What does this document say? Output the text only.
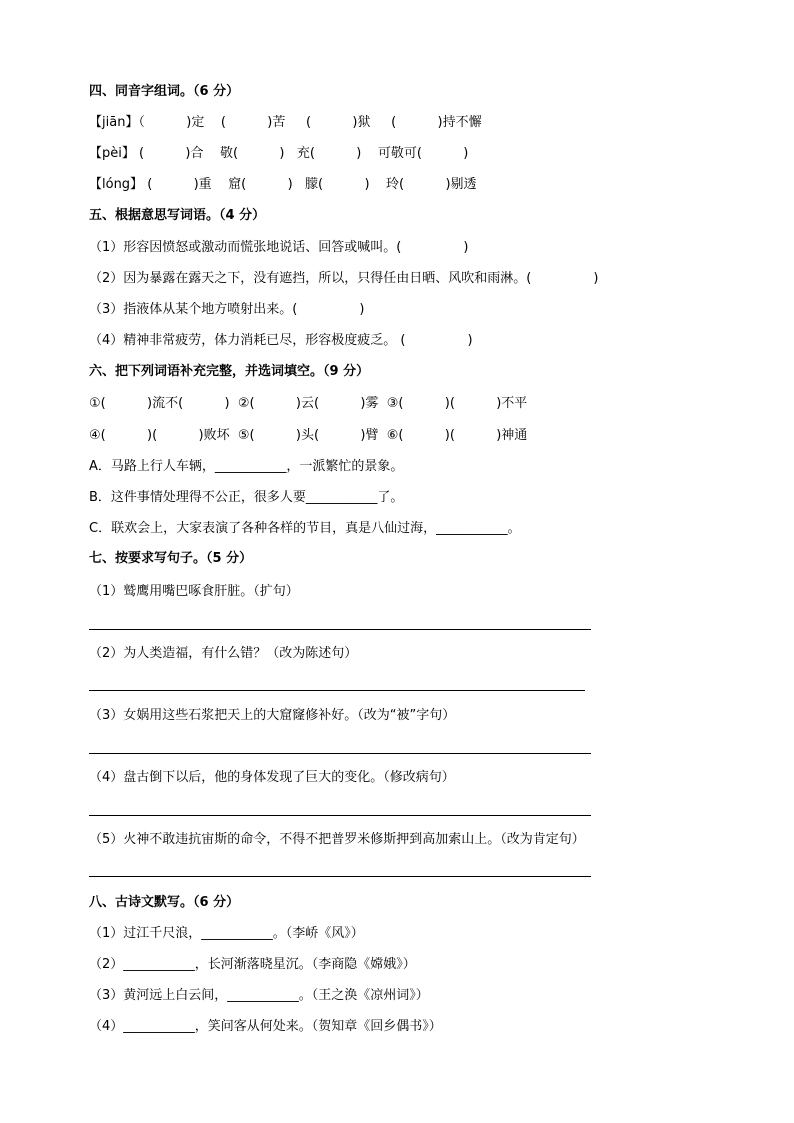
四、同音字组词。（6 分）
【jiān】（          )定    (          )苦     (          )狱     (          )持不懈
【pèi】 (          )合    敬(          )   充(          )    可敬可(          )
【lóng】 (          )重    窟(          )   朦(          )    玲(          )剔透
五、根据意思写词语。（4 分）
（1）形容因愤怒或激动而慌张地说话、回答或喊叫。(               )
（2）因为暴露在露天之下，没有遮挡，所以，只得任由日晒、风吹和雨淋。(               )
（3）指液体从某个地方喷射出来。(               )
（4）精神非常疲劳，体力消耗已尽，形容极度疲乏。 (               )
六、把下列词语补充完整，并选词填空。（9 分）
①(          )流不(          )  ②(          )云(          )雾  ③(          )(          )不平
④(          )(          )败坏  ⑤(          )头(          )臂  ⑥(          )(          )神通
A．马路上行人车辆，___________，一派繁忙的景象。
B．这件事情处理得不公正，很多人要___________了。
C．联欢会上，大家表演了各种各样的节目，真是八仙过海，___________。
七、按要求写句子。（5 分）
（1）鹫鹰用嘴巴啄食肝脏。（扩句）
（2）为人类造福，有什么错？（改为陈述句）
（3）女娲用这些石浆把天上的大窟窿修补好。（改为“被”字句）
（4）盘古倒下以后，他的身体发现了巨大的变化。（修改病句）
（5）火神不敢违抗宙斯的命令，不得不把普罗米修斯押到高加索山上。（改为肯定句）
八、古诗文默写。（6 分）
（1）过江千尺浪，___________。（李峤《风》）
（2）___________，长河渐落晓星沉。（李商隐《嫦娥》）
（3）黄河远上白云间，___________。（王之涣《凉州词》）
（4）___________，笑问客从何处来。（贺知章《回乡偶书》）
